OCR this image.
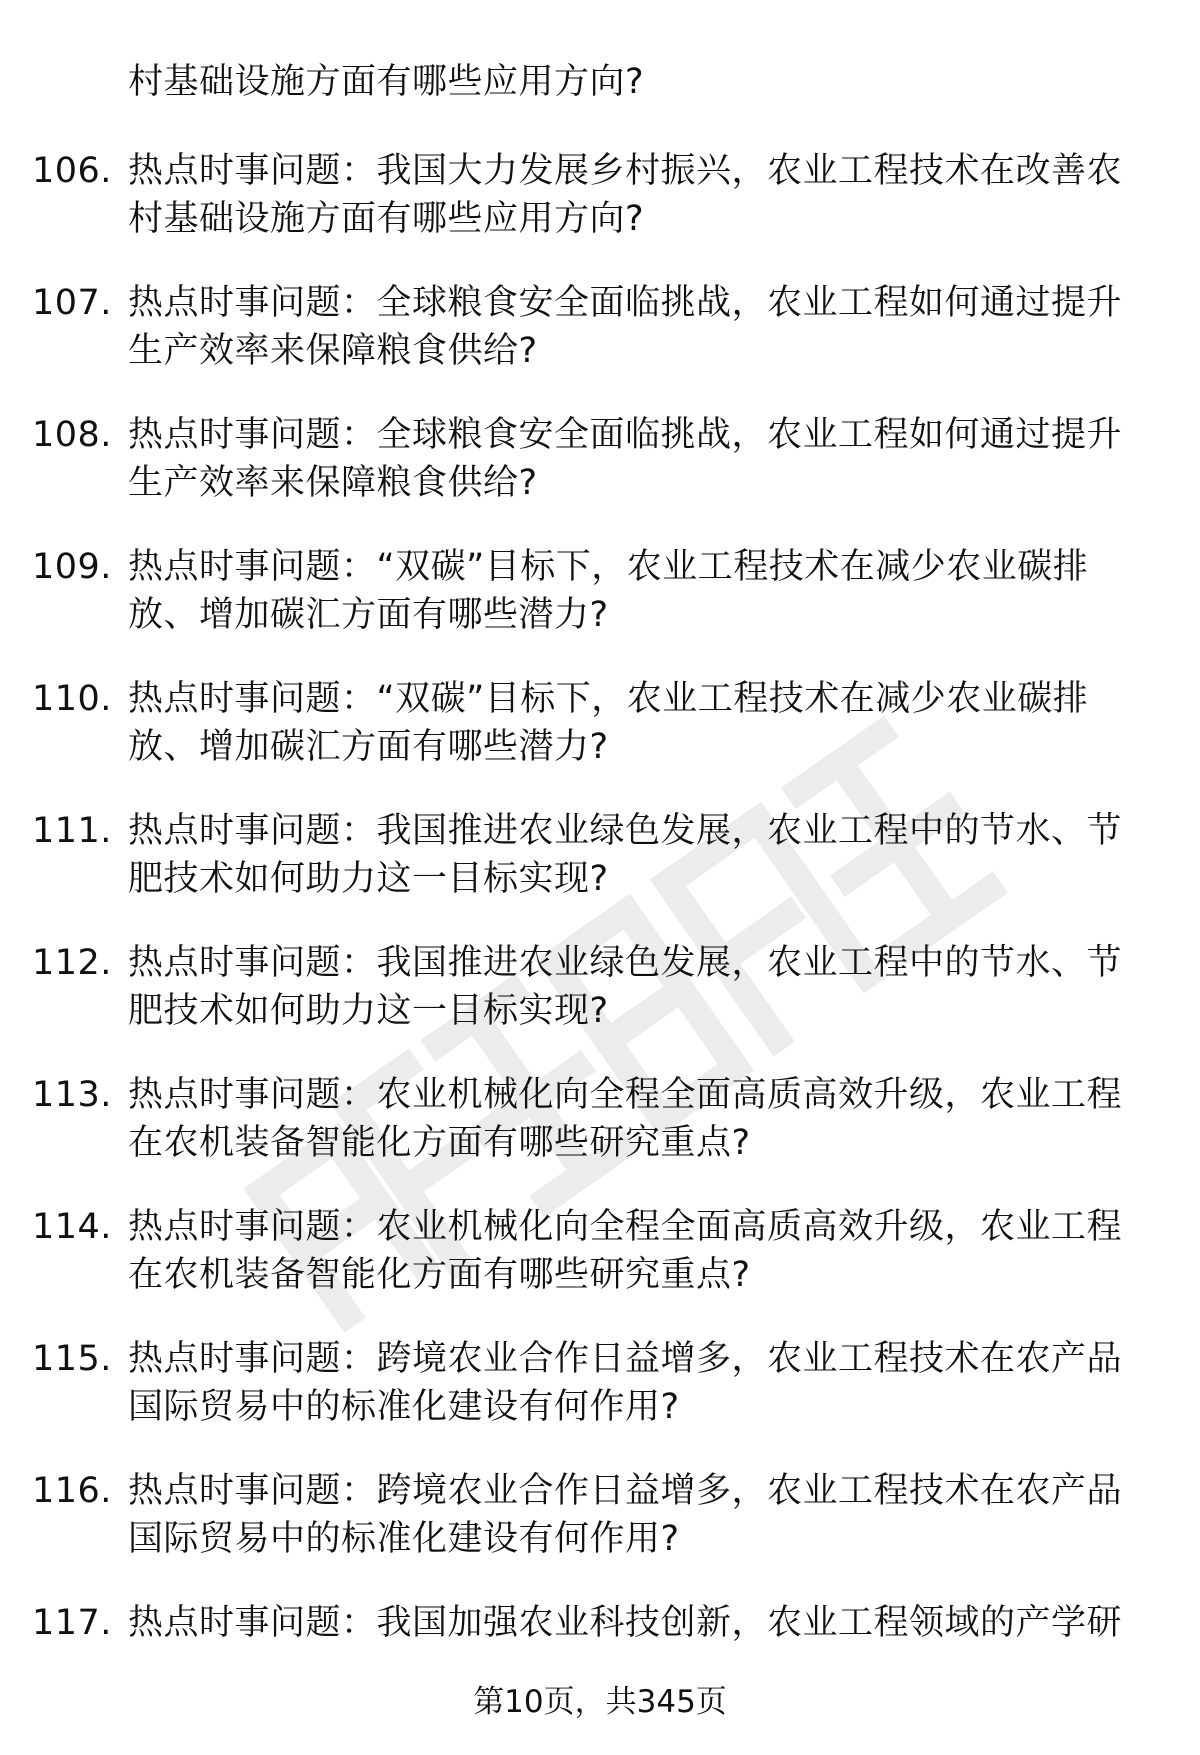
村基础设施方面有哪些应用方向?

106. 热点时事问题：我国大力发展乡村振兴，农业工程技术在改善农
村基础设施方面有哪些应用方向?

107. 热点时事问题：全球粮食安全面临挑战，农业工程如何通过提升
生产效率来保障粮食供给?

108. 热点时事问题：全球粮食安全面临挑战，农业工程如何通过提升
生产效率来保障粮食供给?

109. 热点时事问题：“双碳”目标下，农业工程技术在减少农业碳排
放、增加碳汇方面有哪些潜力?

110. 热点时事问题：“双碳”目标下，农业工程技术在减少农业碳排
放、增加碳汇方面有哪些潜力?

111. 热点时事问题：我国推进农业绿色发展，农业工程中的节水、节
肥技术如何助力这一目标实现?

112. 热点时事问题：我国推进农业绿色发展，农业工程中的节水、节
肥技术如何助力这一目标实现?

113. 热点时事问题：农业机械化向全程全面高质高效升级，农业工程
在农机装备智能化方面有哪些研究重点?

114. 热点时事问题：农业机械化向全程全面高质高效升级，农业工程
在农机装备智能化方面有哪些研究重点?

115. 热点时事问题：跨境农业合作日益增多，农业工程技术在农产品
国际贸易中的标准化建设有何作用?

116. 热点时事问题：跨境农业合作日益增多，农业工程技术在农产品
国际贸易中的标准化建设有何作用?

117. 热点时事问题：我国加强农业科技创新，农业工程领域的产学研

第10页，共345页
